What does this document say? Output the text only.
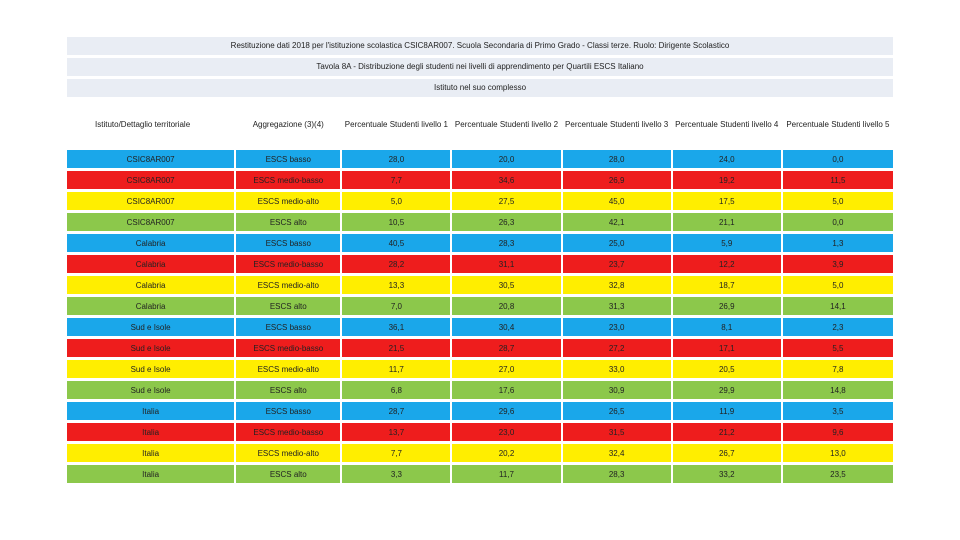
Restituzione dati 2018 per l'istituzione scolastica CSIC8AR007. Scuola Secondaria di Primo Grado - Classi terze. Ruolo: Dirigente Scolastico
Tavola 8A - Distribuzione degli studenti nei livelli di apprendimento per Quartili ESCS Italiano
Istituto nel suo complesso
Istituto/Dettaglio territoriale	Aggregazione (3)(4)	Percentuale Studenti livello 1	Percentuale Studenti livello 2	Percentuale Studenti livello 3	Percentuale Studenti livello 4	Percentuale Studenti livello 5
CSIC8AR007	ESCS basso	28,0	20,0	28,0	24,0	0,0
CSIC8AR007	ESCS medio-basso	7,7	34,6	26,9	19,2	11,5
CSIC8AR007	ESCS medio-alto	5,0	27,5	45,0	17,5	5,0
CSIC8AR007	ESCS alto	10,5	26,3	42,1	21,1	0,0
Calabria	ESCS basso	40,5	28,3	25,0	5,9	1,3
Calabria	ESCS medio-basso	28,2	31,1	23,7	12,2	3,9
Calabria	ESCS medio-alto	13,3	30,5	32,8	18,7	5,0
Calabria	ESCS alto	7,0	20,8	31,3	26,9	14,1
Sud e Isole	ESCS basso	36,1	30,4	23,0	8,1	2,3
Sud e Isole	ESCS medio-basso	21,5	28,7	27,2	17,1	5,5
Sud e Isole	ESCS medio-alto	11,7	27,0	33,0	20,5	7,8
Sud e Isole	ESCS alto	6,8	17,6	30,9	29,9	14,8
Italia	ESCS basso	28,7	29,6	26,5	11,9	3,5
Italia	ESCS medio-basso	13,7	23,0	31,5	21,2	9,6
Italia	ESCS medio-alto	7,7	20,2	32,4	26,7	13,0
Italia	ESCS alto	3,3	11,7	28,3	33,2	23,5
